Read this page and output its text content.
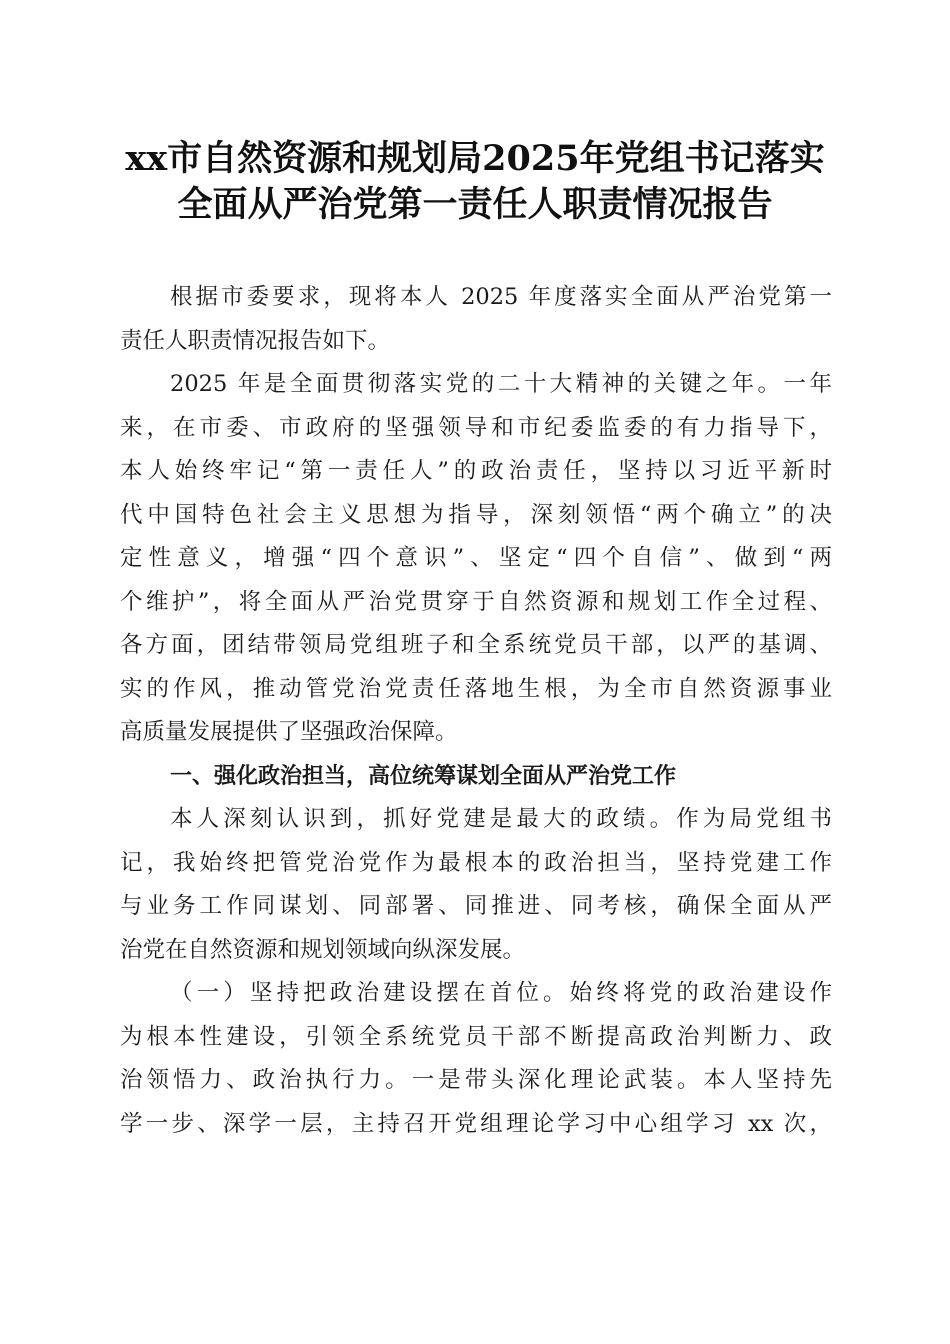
xx市自然资源和规划局2025年党组书记落实
全面从严治党第一责任人职责情况报告
根据市委要求，现将本人 2025 年度落实全面从严治党第一
责任人职责情况报告如下。
2025 年是全面贯彻落实党的二十大精神的关键之年。一年
来，在市委、市政府的坚强领导和市纪委监委的有力指导下，
本人始终牢记“第一责任人”的政治责任，坚持以习近平新时
代中国特色社会主义思想为指导，深刻领悟“两个确立”的决
定性意义，增强“四个意识”、坚定“四个自信”、做到“两
个维护”，将全面从严治党贯穿于自然资源和规划工作全过程、
各方面，团结带领局党组班子和全系统党员干部，以严的基调、
实的作风，推动管党治党责任落地生根，为全市自然资源事业
高质量发展提供了坚强政治保障。
一、强化政治担当，高位统筹谋划全面从严治党工作
本人深刻认识到，抓好党建是最大的政绩。作为局党组书
记，我始终把管党治党作为最根本的政治担当，坚持党建工作
与业务工作同谋划、同部署、同推进、同考核，确保全面从严
治党在自然资源和规划领域向纵深发展。
（一）坚持把政治建设摆在首位。始终将党的政治建设作
为根本性建设，引领全系统党员干部不断提高政治判断力、政
治领悟力、政治执行力。一是带头深化理论武装。本人坚持先
学一步、深学一层，主持召开党组理论学习中心组学习 xx 次，
